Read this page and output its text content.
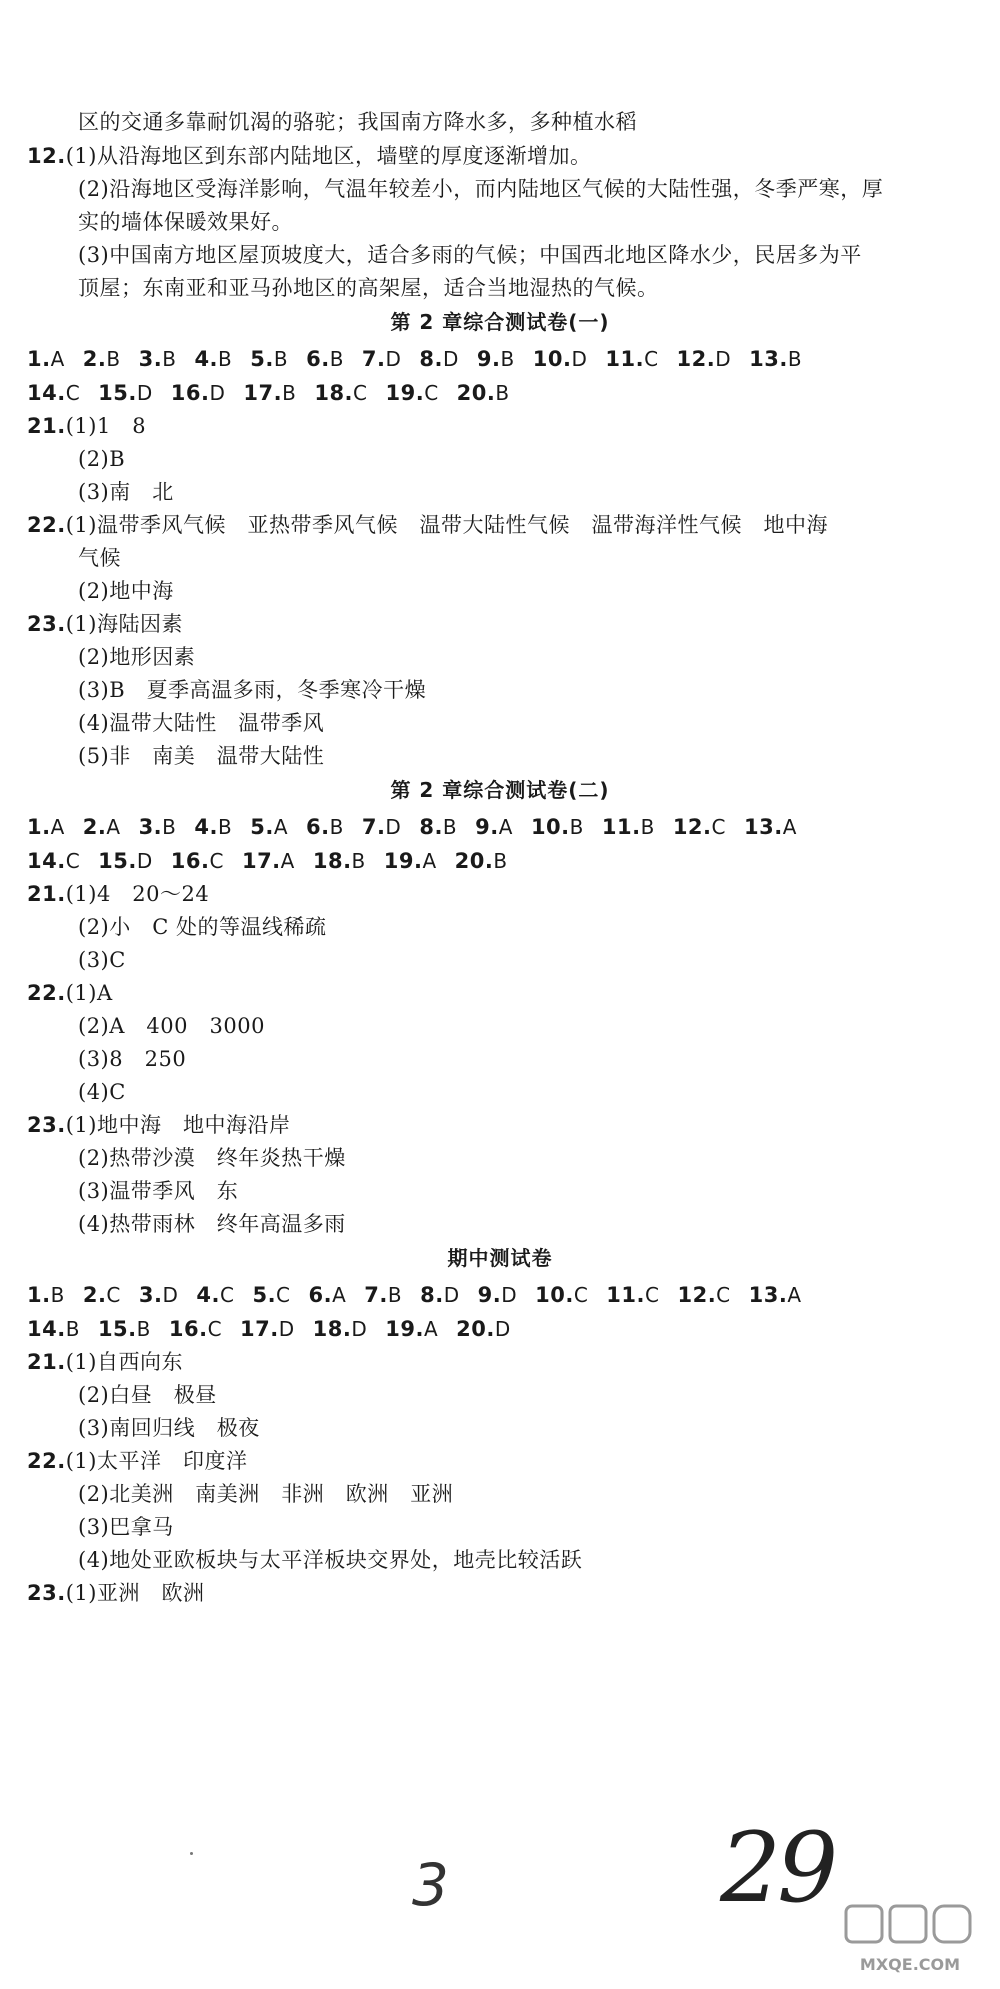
区的交通多靠耐饥渴的骆驼；我国南方降水多，多种植水稻
12.(1)从沿海地区到东部内陆地区，墙壁的厚度逐渐增加。
(2)沿海地区受海洋影响，气温年较差小，而内陆地区气候的大陆性强，冬季严寒，厚
实的墙体保暖效果好。
(3)中国南方地区屋顶坡度大，适合多雨的气候；中国西北地区降水少，民居多为平
顶屋；东南亚和亚马孙地区的高架屋，适合当地湿热的气候。
第 2 章综合测试卷(一)
1.A 2.B 3.B 4.B 5.B 6.B 7.D 8.D 9.B 10.D 11.C 12.D 13.B
14.C 15.D 16.D 17.B 18.C 19.C 20.B
21.(1)1　8
(2)B
(3)南　北
22.(1)温带季风气候　亚热带季风气候　温带大陆性气候　温带海洋性气候　地中海
气候
(2)地中海
23.(1)海陆因素
(2)地形因素
(3)B　夏季高温多雨，冬季寒冷干燥
(4)温带大陆性　温带季风
(5)非　南美　温带大陆性
第 2 章综合测试卷(二)
1.A 2.A 3.B 4.B 5.A 6.B 7.D 8.B 9.A 10.B 11.B 12.C 13.A
14.C 15.D 16.C 17.A 18.B 19.A 20.B
21.(1)4　20～24
(2)小　C 处的等温线稀疏
(3)C
22.(1)A
(2)A　400　3000
(3)8　250
(4)C
23.(1)地中海　地中海沿岸
(2)热带沙漠　终年炎热干燥
(3)温带季风　东
(4)热带雨林　终年高温多雨
期中测试卷
1.B 2.C 3.D 4.C 5.C 6.A 7.B 8.D 9.D 10.C 11.C 12.C 13.A
14.B 15.B 16.C 17.D 18.D 19.A 20.D
21.(1)自西向东
(2)白昼　极昼
(3)南回归线　极夜
22.(1)太平洋　印度洋
(2)北美洲　南美洲　非洲　欧洲　亚洲
(3)巴拿马
(4)地处亚欧板块与太平洋板块交界处，地壳比较活跃
23.(1)亚洲　欧洲
3	29
MXQE.COM
